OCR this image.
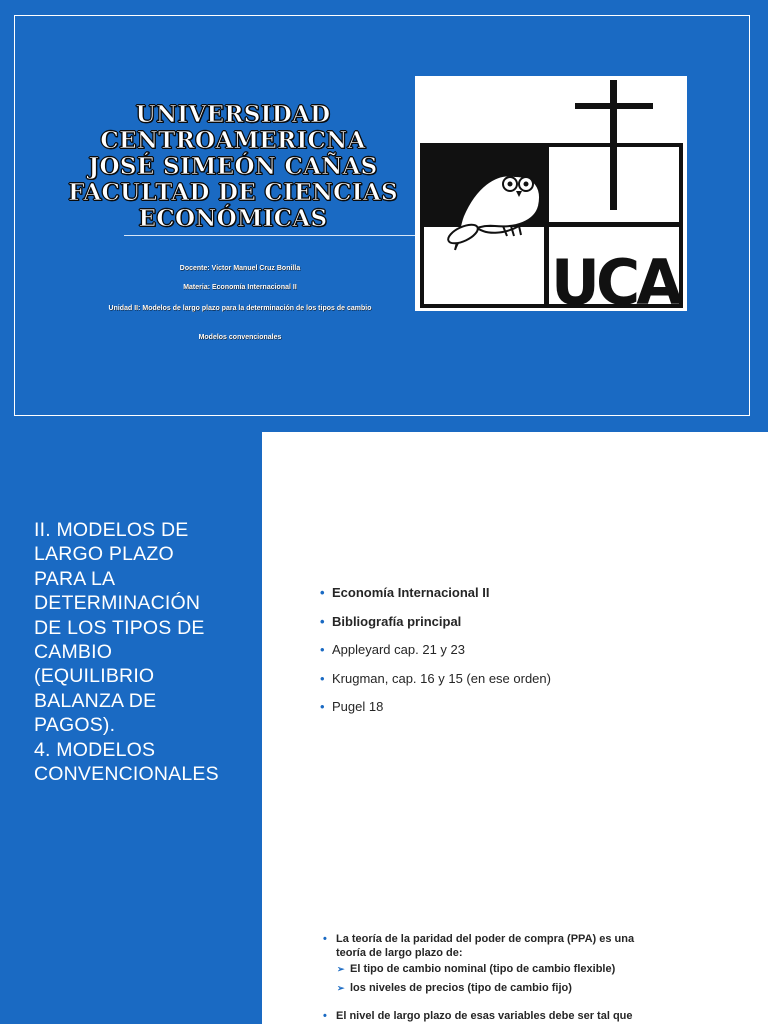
UNIVERSIDAD
CENTROAMERICNA
JOSÉ SIMEÓN CAÑAS
FACULTAD DE CIENCIAS
ECONÓMICAS
Docente: Victor Manuel Cruz Bonilla
Materia: Economía Internacional II
Unidad II: Modelos de largo plazo para la determinación de los tipos de cambio
Modelos convencionales
UCA
II. MODELOS DE
LARGO PLAZO
PARA LA
DETERMINACIÓN
DE LOS TIPOS DE
CAMBIO
(EQUILIBRIO
BALANZA DE
PAGOS).
4. MODELOS
CONVENCIONALES
• Economía Internacional II
• Bibliografía principal
• Appleyard cap. 21 y 23
• Krugman, cap. 16 y 15 (en ese orden)
• Pugel 18
• La teoría de la paridad del poder de compra (PPA) es una
teoría de largo plazo de:
➢ El tipo de cambio nominal (tipo de cambio flexible)
➢ los niveles de precios (tipo de cambio fijo)
• El nivel de largo plazo de esas variables debe ser tal que
